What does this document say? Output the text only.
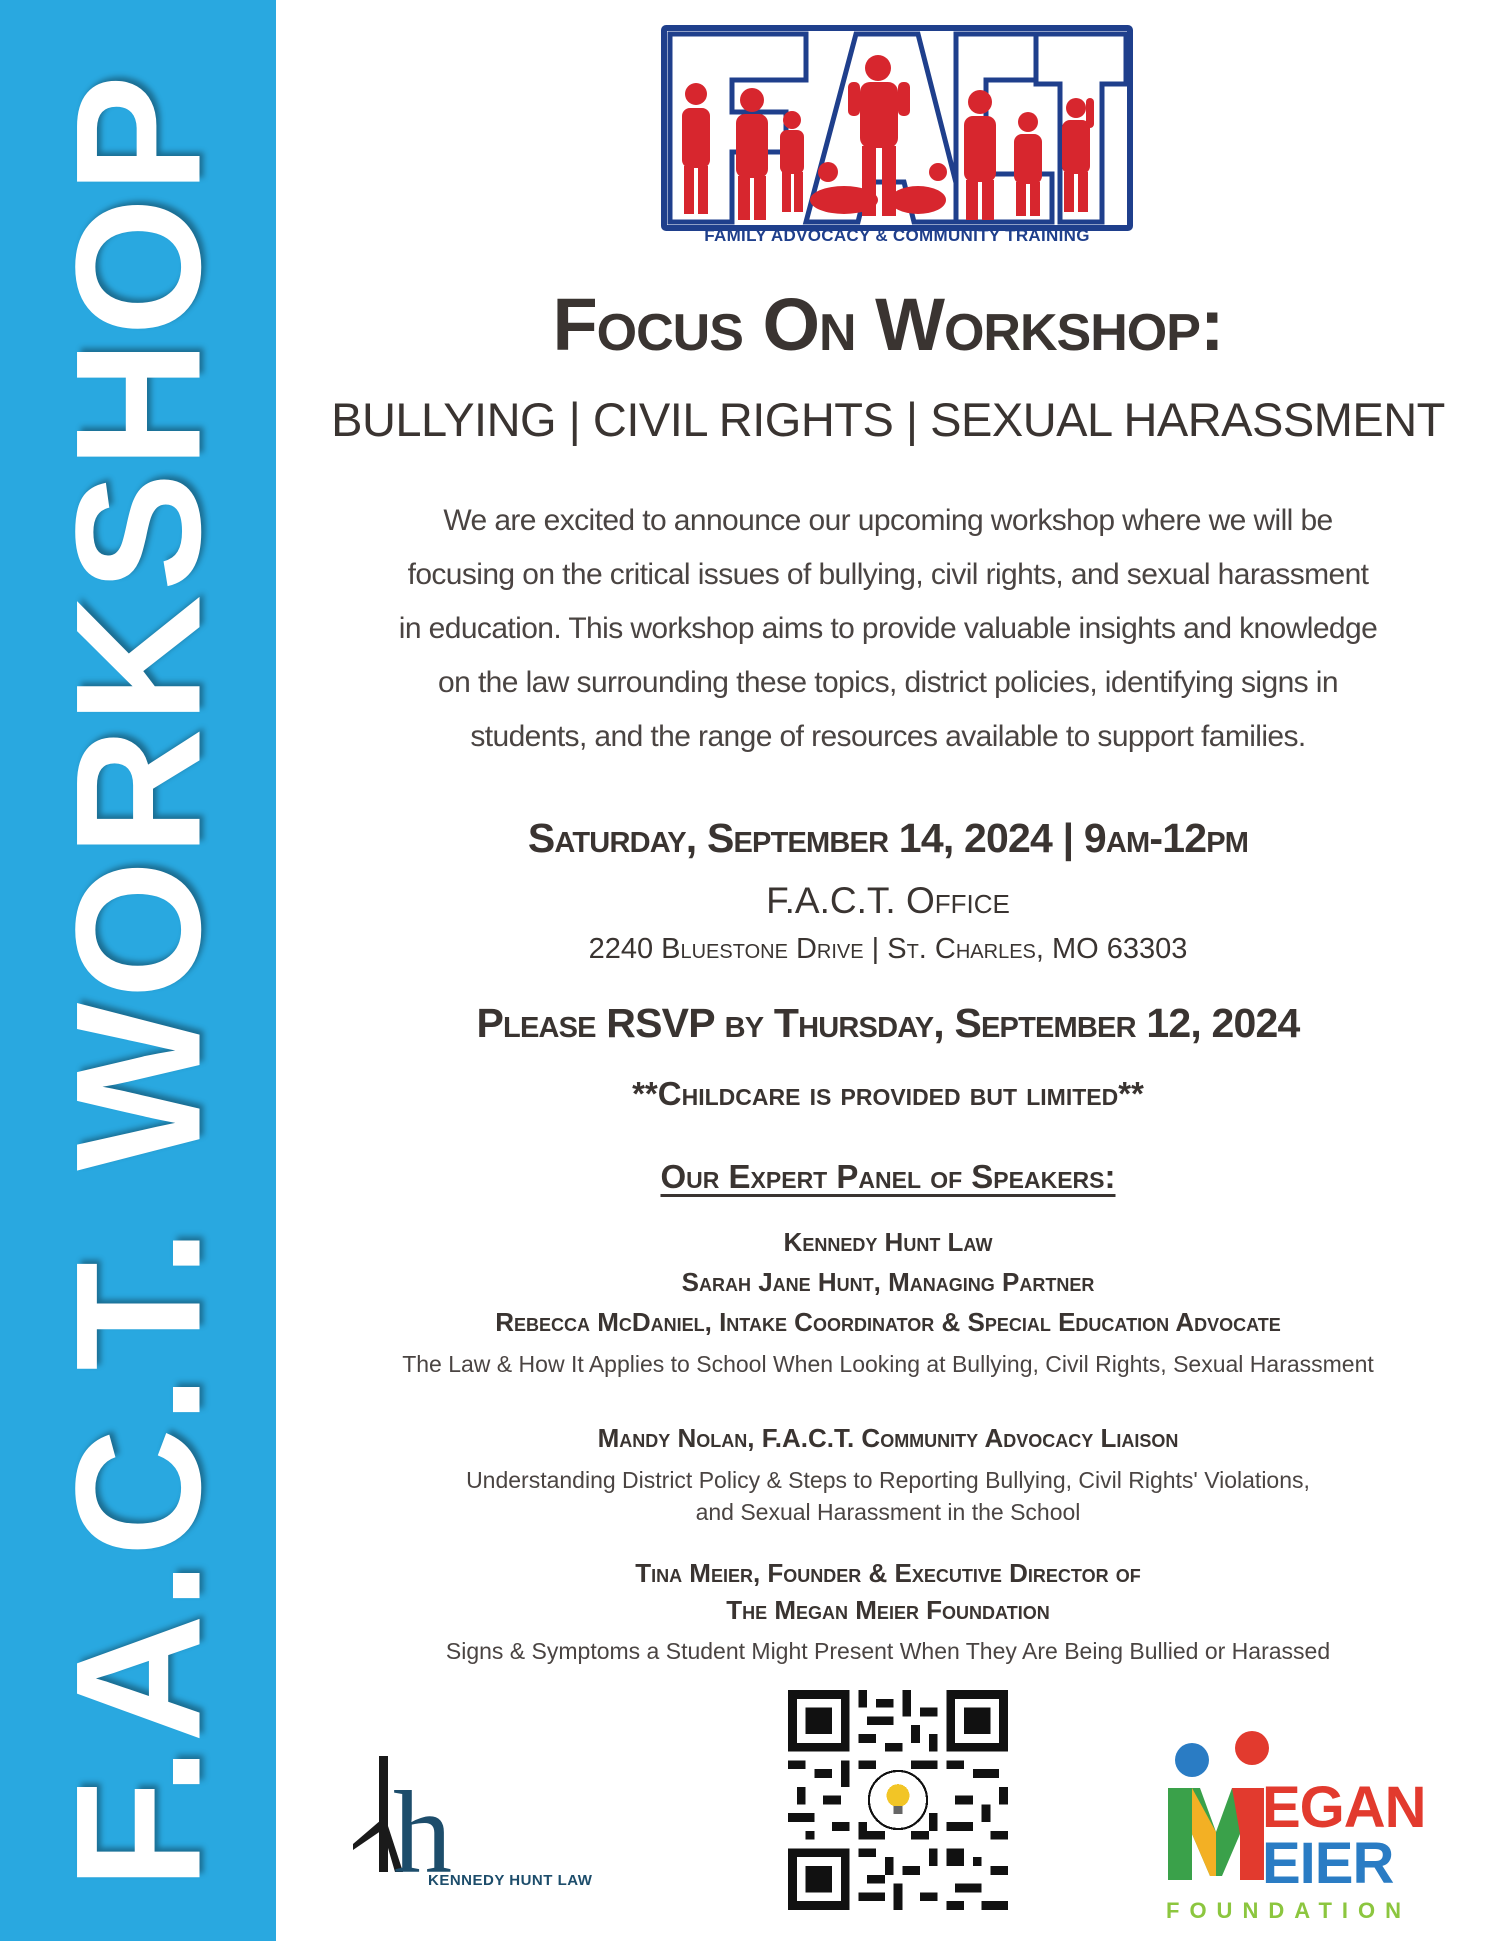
F.A.C.T. WORKSHOP	FAMILY ADVOCACY & COMMUNITY TRAINING
Focus On Workshop:
BULLYING | CIVIL RIGHTS | SEXUAL HARASSMENT
We are excited to announce our upcoming workshop where we will be
focusing on the critical issues of bullying, civil rights, and sexual harassment
in education. This workshop aims to provide valuable insights and knowledge
on the law surrounding these topics, district policies, identifying signs in
students, and the range of resources available to support families.
Saturday, September 14, 2024 | 9am-12pm
F.A.C.T. Office
2240 Bluestone Drive | St. Charles, MO 63303
Please RSVP by Thursday, September 12, 2024
**Childcare is provided but limited**
Our Expert Panel of Speakers:
Kennedy Hunt Law
Sarah Jane Hunt, Managing Partner
Rebecca McDaniel, Intake Coordinator & Special Education Advocate
The Law & How It Applies to School When Looking at Bullying, Civil Rights, Sexual Harassment
Mandy Nolan, F.A.C.T. Community Advocacy Liaison
Understanding District Policy & Steps to Reporting Bullying, Civil Rights' Violations,
and Sexual Harassment in the School
Tina Meier, Founder & Executive Director of
The Megan Meier Foundation
Signs & Symptoms a Student Might Present When They Are Being Bullied or Harassed
h
KENNEDY HUNT LAW
EGAN
EIER
FOUNDATION
